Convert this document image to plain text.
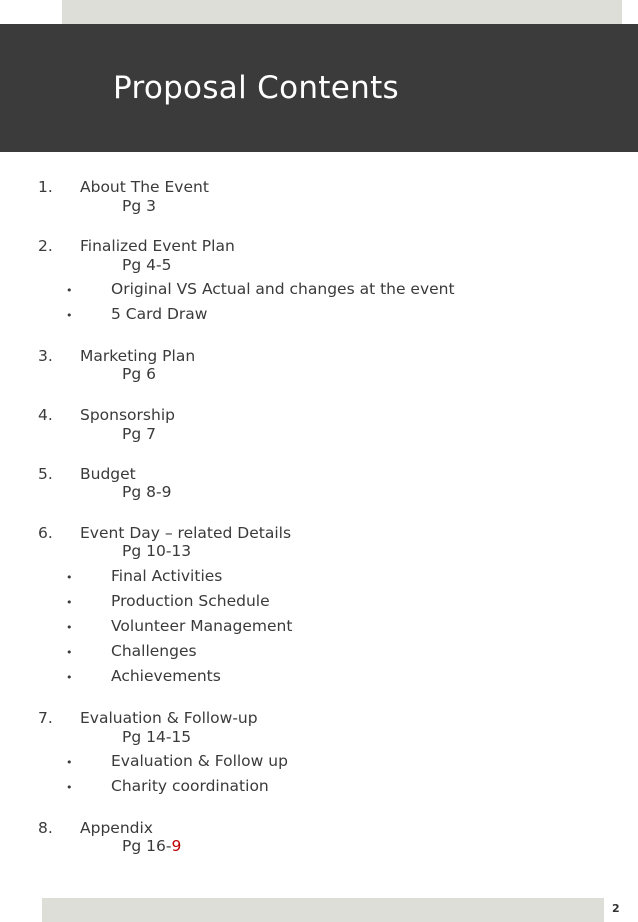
Proposal Contents
1. About The Event
Pg 3
2. Finalized Event Plan
Pg 4-5
• Original VS Actual and changes at the event
• 5 Card Draw
3. Marketing Plan
Pg 6
4. Sponsorship
Pg 7
5. Budget
Pg 8-9
6. Event Day – related Details
Pg 10-13
• Final Activities
• Production Schedule
• Volunteer Management
• Challenges
• Achievements
7. Evaluation & Follow-up
Pg 14-15
• Evaluation & Follow up
• Charity coordination
8. Appendix
Pg 16-9
2
